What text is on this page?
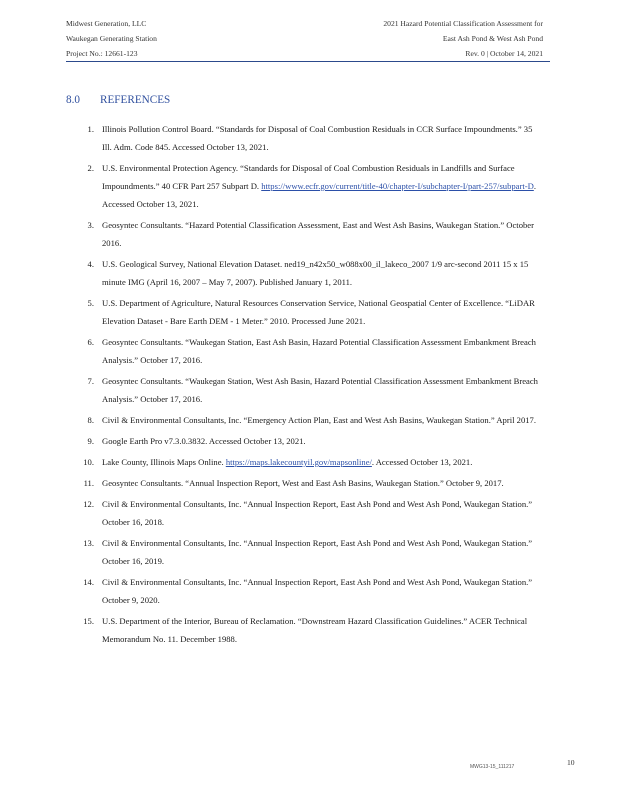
Midwest Generation, LLC
Waukegan Generating Station
Project No.: 12661-123
2021 Hazard Potential Classification Assessment for
East Ash Pond & West Ash Pond
Rev. 0 | October 14, 2021
8.0 REFERENCES
1. Illinois Pollution Control Board. “Standards for Disposal of Coal Combustion Residuals in CCR Surface Impoundments.” 35 Ill. Adm. Code 845. Accessed October 13, 2021.
2. U.S. Environmental Protection Agency. “Standards for Disposal of Coal Combustion Residuals in Landfills and Surface Impoundments.” 40 CFR Part 257 Subpart D. https://www.ecfr.gov/current/title-40/chapter-I/subchapter-I/part-257/subpart-D. Accessed October 13, 2021.
3. Geosyntec Consultants. “Hazard Potential Classification Assessment, East and West Ash Basins, Waukegan Station.” October 2016.
4. U.S. Geological Survey, National Elevation Dataset. ned19_n42x50_w088x00_il_lakeco_2007 1/9 arc-second 2011 15 x 15 minute IMG (April 16, 2007 – May 7, 2007). Published January 1, 2011.
5. U.S. Department of Agriculture, Natural Resources Conservation Service, National Geospatial Center of Excellence. “LiDAR Elevation Dataset - Bare Earth DEM - 1 Meter.” 2010. Processed June 2021.
6. Geosyntec Consultants. “Waukegan Station, East Ash Basin, Hazard Potential Classification Assessment Embankment Breach Analysis.” October 17, 2016.
7. Geosyntec Consultants. “Waukegan Station, West Ash Basin, Hazard Potential Classification Assessment Embankment Breach Analysis.” October 17, 2016.
8. Civil & Environmental Consultants, Inc. “Emergency Action Plan, East and West Ash Basins, Waukegan Station.” April 2017.
9. Google Earth Pro v7.3.0.3832. Accessed October 13, 2021.
10. Lake County, Illinois Maps Online. https://maps.lakecountyil.gov/mapsonline/. Accessed October 13, 2021.
11. Geosyntec Consultants. “Annual Inspection Report, West and East Ash Basins, Waukegan Station.” October 9, 2017.
12. Civil & Environmental Consultants, Inc. “Annual Inspection Report, East Ash Pond and West Ash Pond, Waukegan Station.” October 16, 2018.
13. Civil & Environmental Consultants, Inc. “Annual Inspection Report, East Ash Pond and West Ash Pond, Waukegan Station.” October 16, 2019.
14. Civil & Environmental Consultants, Inc. “Annual Inspection Report, East Ash Pond and West Ash Pond, Waukegan Station.” October 9, 2020.
15. U.S. Department of the Interior, Bureau of Reclamation. “Downstream Hazard Classification Guidelines.” ACER Technical Memorandum No. 11. December 1988.
MWG13-15_111217	10
